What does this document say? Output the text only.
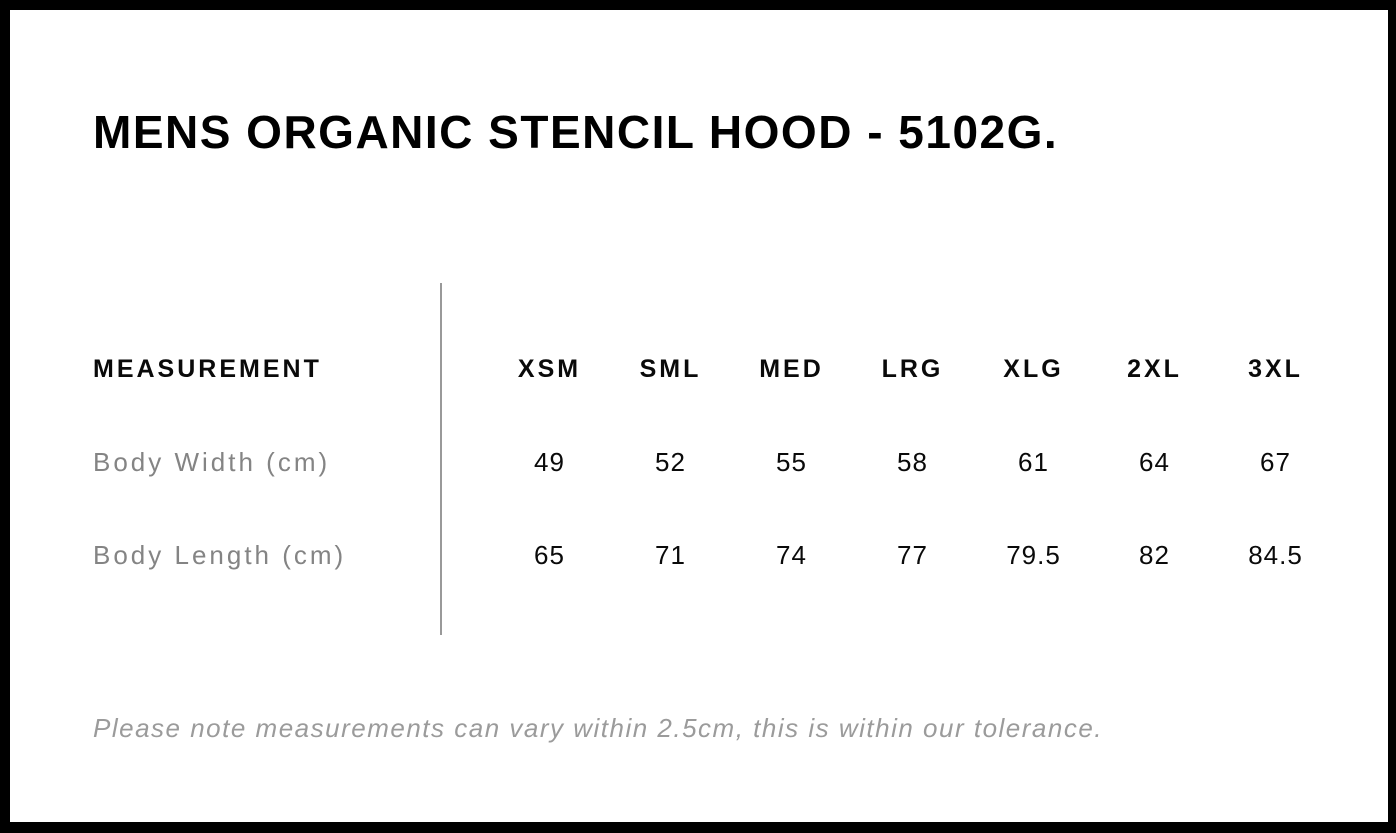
MENS ORGANIC STENCIL HOOD - 5102G.
MEASUREMENT	XSM	SML	MED	LRG	XLG	2XL	3XL
Body Width (cm)	49	52	55	58	61	64	67
Body Length (cm)	65	71	74	77	79.5	82	84.5

Please note measurements can vary within 2.5cm, this is within our tolerance.
